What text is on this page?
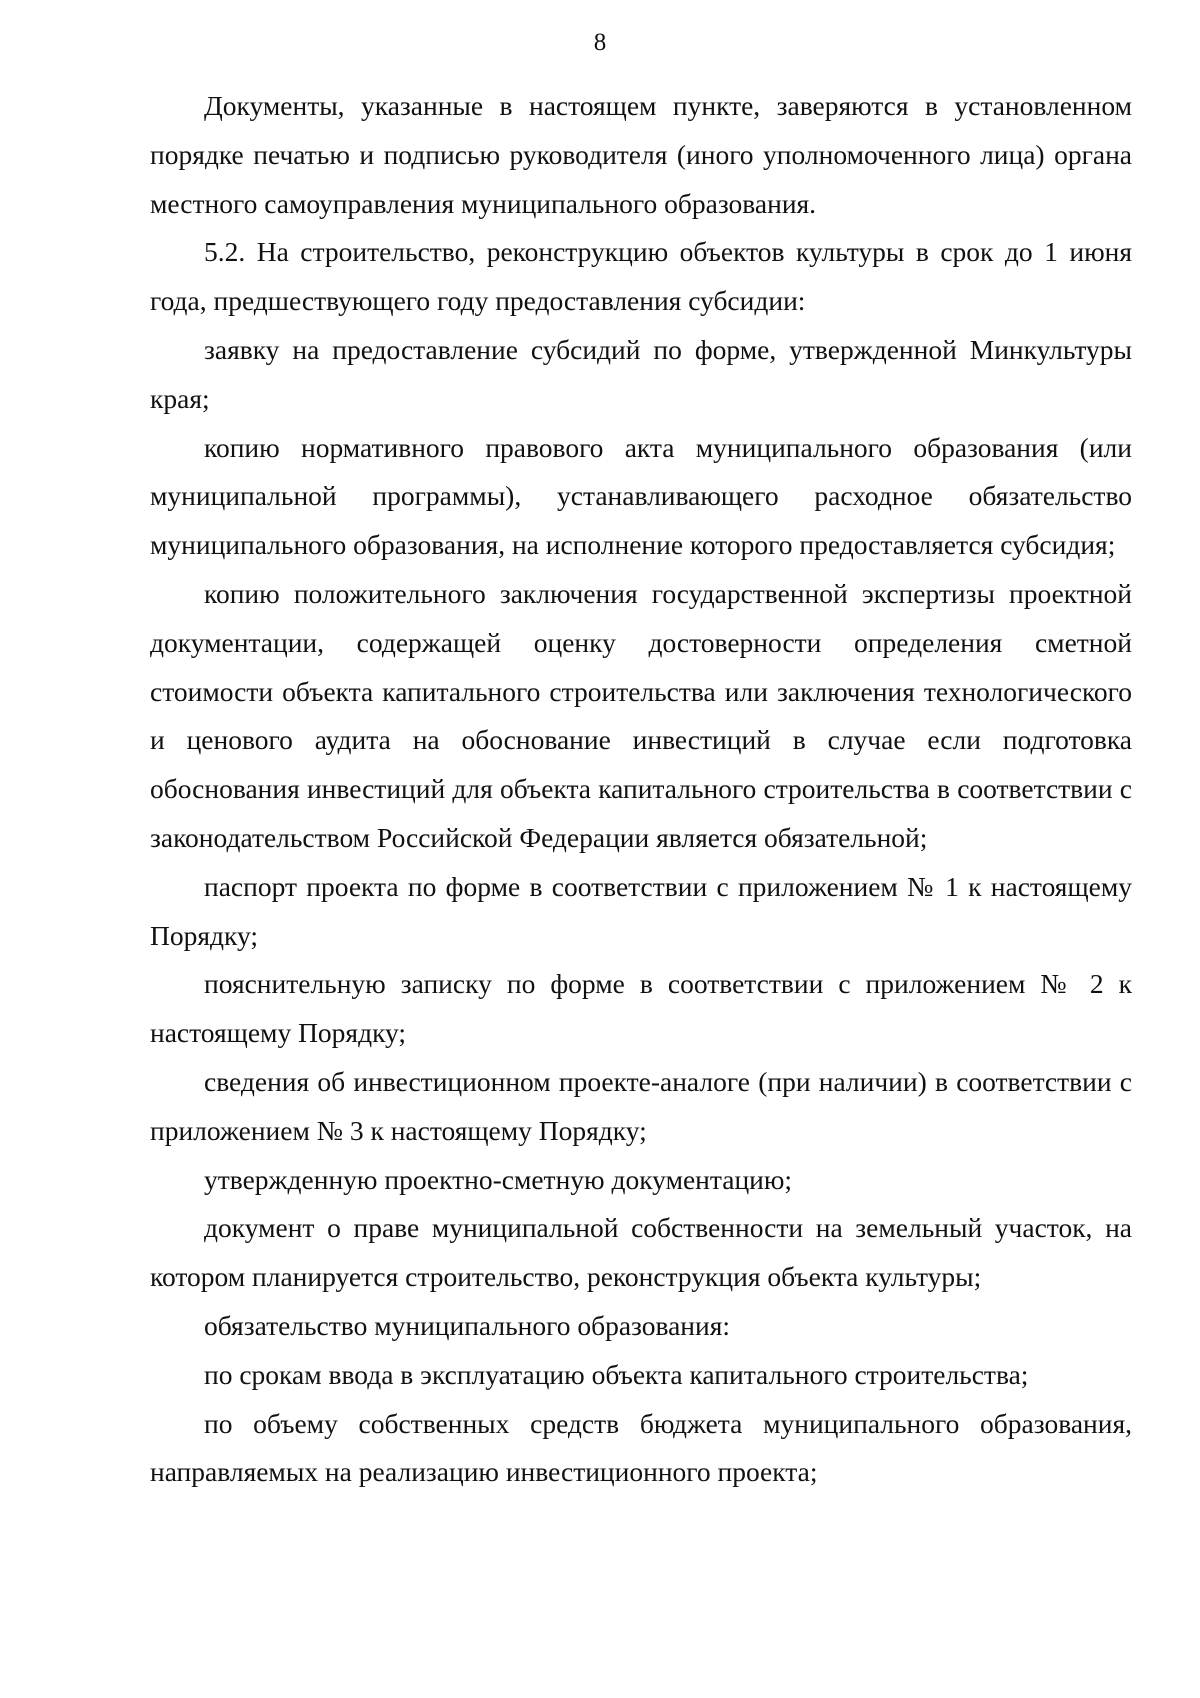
8

Документы, указанные в настоящем пункте, заверяются в установленном порядке печатью и подписью руководителя (иного уполномоченного лица) органа местного самоуправления муниципального образования.

5.2. На строительство, реконструкцию объектов культуры в срок до 1 июня года, предшествующего году предоставления субсидии:

заявку на предоставление субсидий по форме, утвержденной Минкультуры края;

копию нормативного правового акта муниципального образования (или муниципальной программы), устанавливающего расходное обязательство муниципального образования, на исполнение которого предоставляется субсидия;

копию положительного заключения государственной экспертизы проектной документации, содержащей оценку достоверности определения сметной стоимости объекта капитального строительства или заключения технологического и ценового аудита на обоснование инвестиций в случае если подготовка обоснования инвестиций для объекта капитального строительства в соответствии с законодательством Российской Федерации является обязательной;

паспорт проекта по форме в соответствии с приложением № 1 к настоящему Порядку;

пояснительную записку по форме в соответствии с приложением № 2 к настоящему Порядку;

сведения об инвестиционном проекте-аналоге (при наличии) в соответствии с приложением № 3 к настоящему Порядку;

утвержденную проектно-сметную документацию;

документ о праве муниципальной собственности на земельный участок, на котором планируется строительство, реконструкция объекта культуры;

обязательство муниципального образования:

по срокам ввода в эксплуатацию объекта капитального строительства;

по объему собственных средств бюджета муниципального образования, направляемых на реализацию инвестиционного проекта;
